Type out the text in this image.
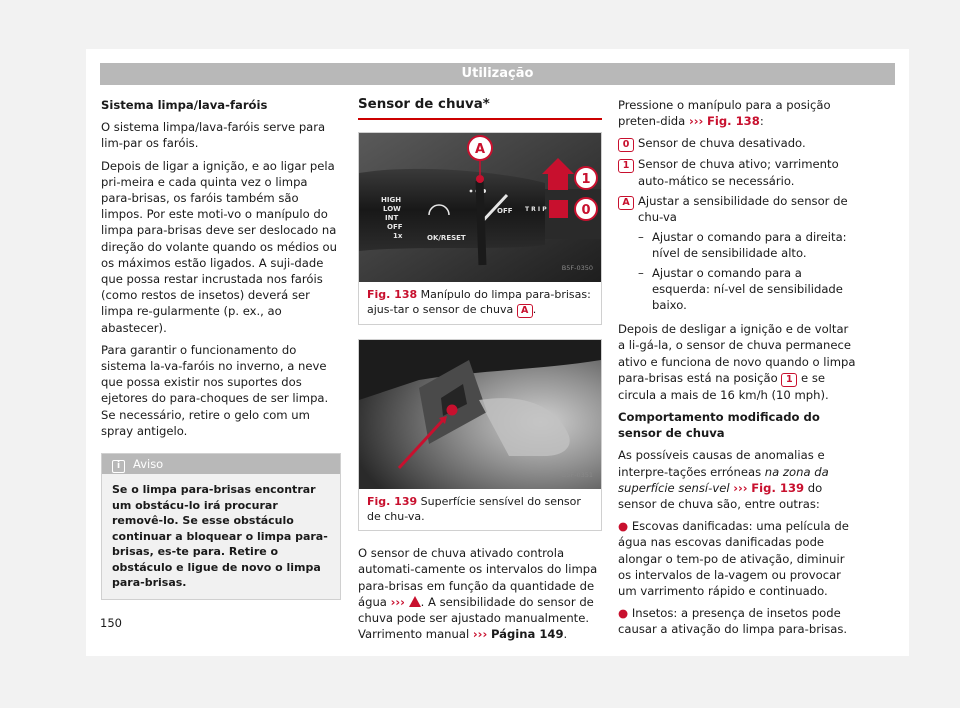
Utilização

Sistema limpa/lava-faróis

O sistema limpa/lava-faróis serve para lim-par os faróis.

Depois de ligar a ignição, e ao ligar pela pri-meira e cada quinta vez o limpa para-brisas, os faróis também são limpos. Por este moti-vo o manípulo do limpa para-brisas deve ser deslocado na direção do volante quando os médios ou os máximos estão ligados. A suji-dade que possa restar incrustada nos faróis (como restos de insetos) deverá ser limpa re-gularmente (p. ex., ao abastecer).

Para garantir o funcionamento do sistema la-va-faróis no inverno, a neve que possa existir nos suportes dos ejetores do para-choques de ser limpa. Se necessário, retire o gelo com um spray antigelo.

i Aviso
Se o limpa para-brisas encontrar um obstácu-lo irá procurar removê-lo. Se esse obstáculo continuar a bloquear o limpa para-brisas, es-te para. Retire o obstáculo e ligue de novo o limpa para-brisas.
Sensor de chuva*
HIGH
LOW
INT
OFF
1x	OK/RESET
OFF T R I P
A
1
0
B5F-0350
Fig. 138 Manípulo do limpa para-brisas: ajus-tar o sensor de chuva A .
B5F-0351
Fig. 139 Superfície sensível do sensor de chu-va.

O sensor de chuva ativado controla automati-camente os intervalos do limpa para-brisas em função da quantidade de água ››› . A sensibilidade do sensor de chuva pode ser ajustado manualmente. Varrimento manual ››› Página 149.

Pressione o manípulo para a posição preten-dida ››› Fig. 138:

0 Sensor de chuva desativado.
1 Sensor de chuva ativo; varrimento auto-mático se necessário.
A Ajustar a sensibilidade do sensor de chu-va
– Ajustar o comando para a direita: nível de sensibilidade alto.
– Ajustar o comando para a esquerda: ní-vel de sensibilidade baixo.

Depois de desligar a ignição e de voltar a li-gá-la, o sensor de chuva permanece ativo e funciona de novo quando o limpa para-brisas está na posição 1 e se circula a mais de 16 km/h (10 mph).

Comportamento modificado do sensor de chuva

As possíveis causas de anomalias e interpre-tações erróneas na zona da superfície sensí-vel ››› Fig. 139 do sensor de chuva são, entre outras:

● Escovas danificadas: uma película de água nas escovas danificadas pode alongar o tem-po de ativação, diminuir os intervalos de la-vagem ou provocar um varrimento rápido e continuado.

● Insetos: a presença de insetos pode causar a ativação do limpa para-brisas.

150
